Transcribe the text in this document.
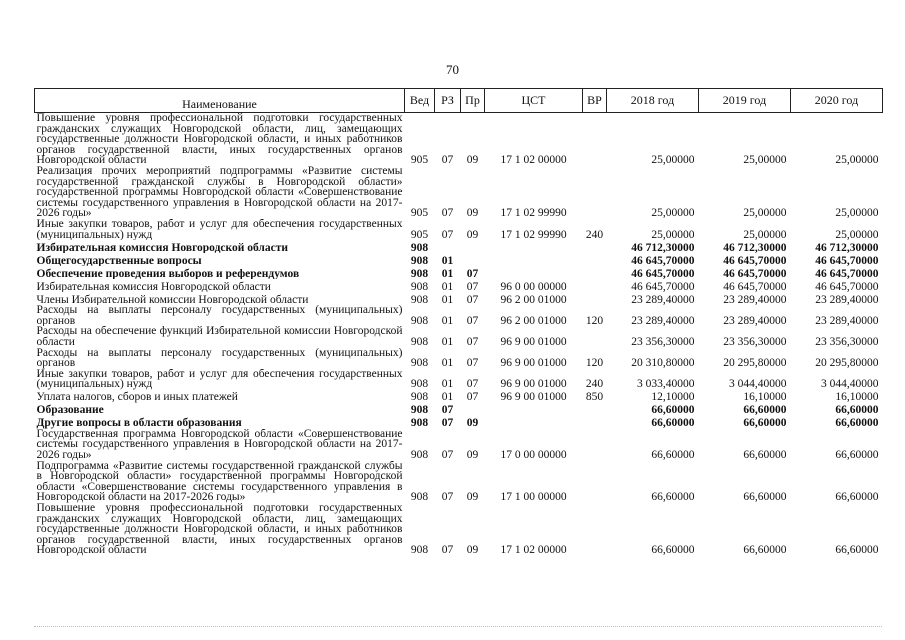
70
Наименование	Вед	РЗ	Пр	ЦСТ	ВР	2018 год	2019 год	2020 год
Повышение уровня профессиональной подготовки государственных гражданских служащих Новгородской области, лиц, замещающих государственные должности Новгородской области, и иных работников органов государственной власти, иных государственных органов Новгородской области	905	07	09	17 1 02 00000		25,00000	25,00000	25,00000
Реализация прочих мероприятий подпрограммы «Развитие системы государственной гражданской службы в Новгородской области» государственной программы Новгородской области «Совершенствование системы государственного управления в Новгородской области на 2017-2026 годы»	905	07	09	17 1 02 99990		25,00000	25,00000	25,00000
Иные закупки товаров, работ и услуг для обеспечения государственных (муниципальных) нужд	905	07	09	17 1 02 99990	240	25,00000	25,00000	25,00000
Избирательная комиссия Новгородской области	908					46 712,30000	46 712,30000	46 712,30000
Общегосударственные вопросы	908	01				46 645,70000	46 645,70000	46 645,70000
Обеспечение проведения выборов и референдумов	908	01	07			46 645,70000	46 645,70000	46 645,70000
Избирательная комиссия Новгородской области	908	01	07	96 0 00 00000		46 645,70000	46 645,70000	46 645,70000
Члены Избирательной комиссии Новгородской области	908	01	07	96 2 00 01000		23 289,40000	23 289,40000	23 289,40000
Расходы на выплаты персоналу государственных (муниципальных) органов	908	01	07	96 2 00 01000	120	23 289,40000	23 289,40000	23 289,40000
Расходы на обеспечение функций Избирательной комиссии Новгородской области	908	01	07	96 9 00 01000		23 356,30000	23 356,30000	23 356,30000
Расходы на выплаты персоналу государственных (муниципальных) органов	908	01	07	96 9 00 01000	120	20 310,80000	20 295,80000	20 295,80000
Иные закупки товаров, работ и услуг для обеспечения государственных (муниципальных) нужд	908	01	07	96 9 00 01000	240	3 033,40000	3 044,40000	3 044,40000
Уплата налогов, сборов и иных платежей	908	01	07	96 9 00 01000	850	12,10000	16,10000	16,10000
Образование	908	07				66,60000	66,60000	66,60000
Другие вопросы в области образования	908	07	09			66,60000	66,60000	66,60000
Государственная программа Новгородской области «Совершенствование системы государственного управления в Новгородской области на 2017-2026 годы»	908	07	09	17 0 00 00000		66,60000	66,60000	66,60000
Подпрограмма «Развитие системы государственной гражданской службы в Новгородской области» государственной программы Новгородской области «Совершенствование системы государственного управления в Новгородской области на 2017-2026 годы»	908	07	09	17 1 00 00000		66,60000	66,60000	66,60000
Повышение уровня профессиональной подготовки государственных гражданских служащих Новгородской области, лиц, замещающих государственные должности Новгородской области, и иных работников органов государственной власти, иных государственных органов Новгородской области	908	07	09	17 1 02 00000		66,60000	66,60000	66,60000
